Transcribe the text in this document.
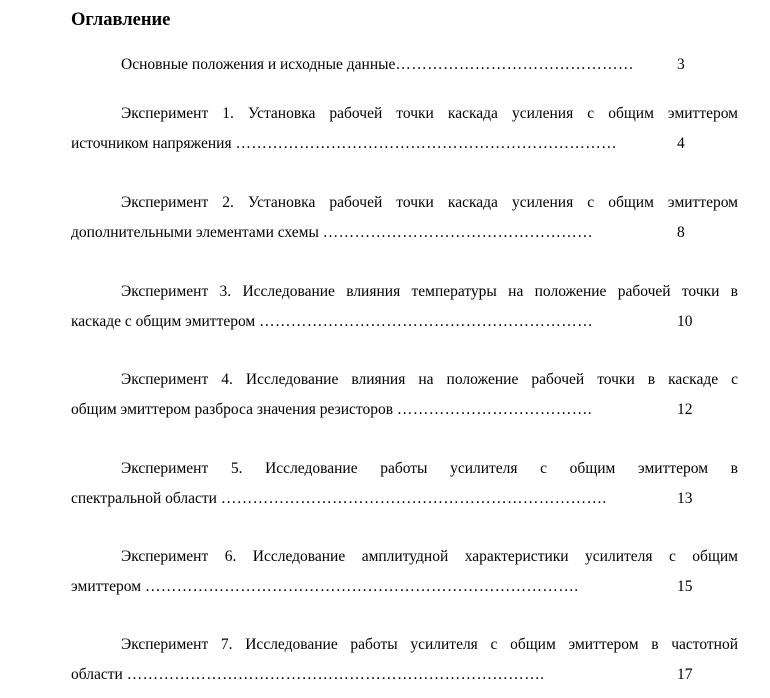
Оглавление
Основные положения и исходные данные………………………………………	3
Эксперимент 1. Установка рабочей точки каскада усиления с общим эмиттером
источником напряжения ………………………………………………………………	4
Эксперимент 2. Установка рабочей точки каскада усиления с общим эмиттером
дополнительными элементами схемы ……………………………………………	8
Эксперимент 3. Исследование влияния температуры на положение рабочей точки в
каскаде с общим эмиттером ………………………………………………………	10
Эксперимент 4. Исследование влияния на положение рабочей точки в каскаде с
общим эмиттером разброса значения резисторов ……………………………….	12
Эксперимент 5. Исследование работы усилителя с общим эмиттером в
спектральной области ……………………………………………………………….	13
Эксперимент 6. Исследование амплитудной характеристики усилителя с общим
эмиттером ……………………………………………………………………….	15
Эксперимент 7. Исследование работы усилителя с общим эмиттером в частотной
области …………………………………………………………………….	17
